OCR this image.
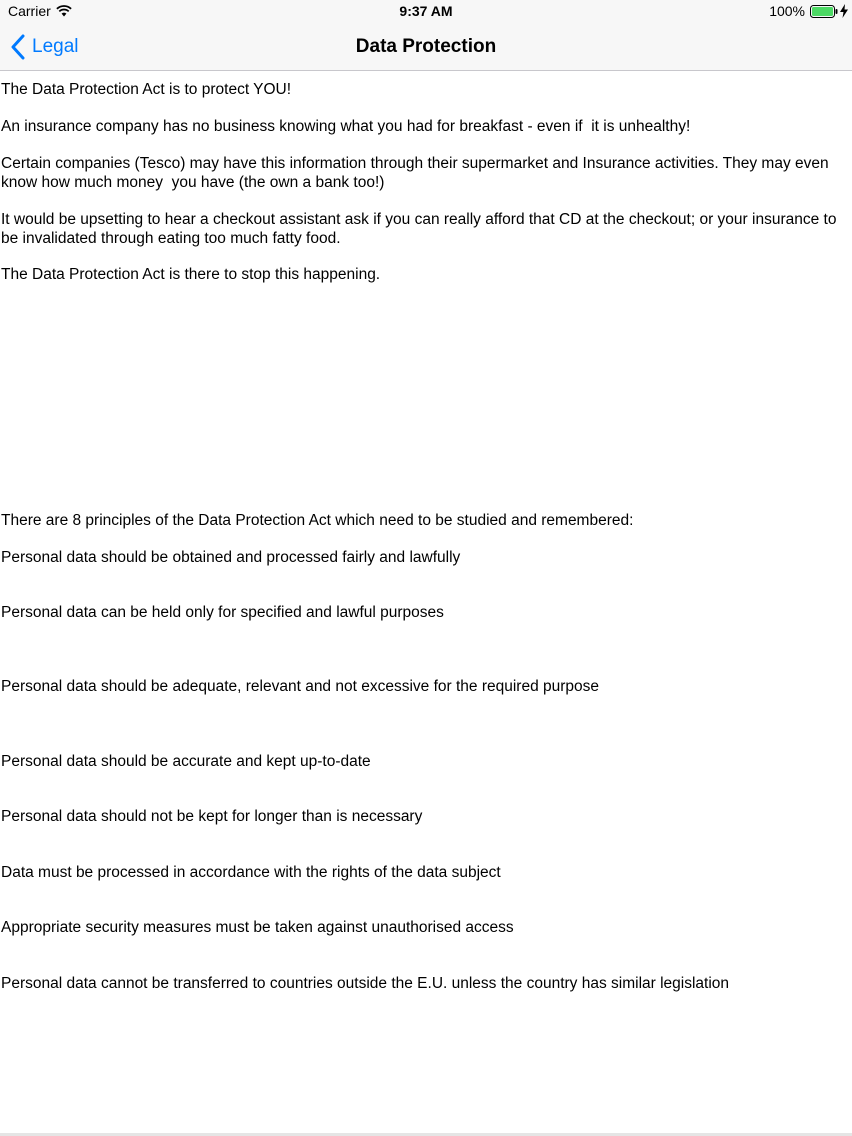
Carrier	9:37 AM	100%
Legal	Data Protection
The Data Protection Act is to protect YOU!
An insurance company has no business knowing what you had for breakfast - even if  it is unhealthy!
Certain companies (Tesco) may have this information through their supermarket and Insurance activities. They may even know how much money  you have (the own a bank too!)
It would be upsetting to hear a checkout assistant ask if you can really afford that CD at the checkout; or your insurance to be invalidated through eating too much fatty food.
The Data Protection Act is there to stop this happening.
There are 8 principles of the Data Protection Act which need to be studied and remembered:
Personal data should be obtained and processed fairly and lawfully
Personal data can be held only for specified and lawful purposes
Personal data should be adequate, relevant and not excessive for the required purpose
Personal data should be accurate and kept up-to-date
Personal data should not be kept for longer than is necessary
Data must be processed in accordance with the rights of the data subject
Appropriate security measures must be taken against unauthorised access
Personal data cannot be transferred to countries outside the E.U. unless the country has similar legislation
